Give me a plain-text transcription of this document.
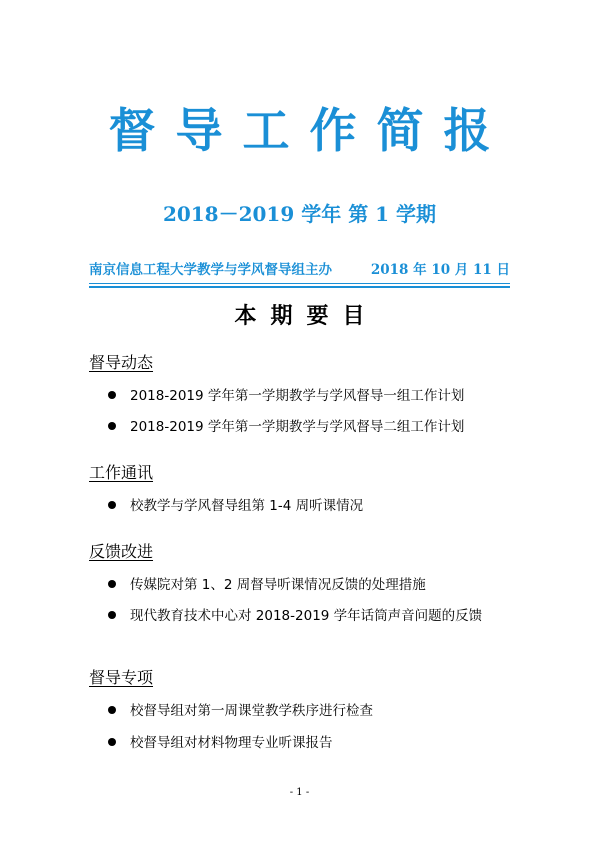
督导工作简报
2018－2019 学年 第 1 学期
南京信息工程大学教学与学风督导组主办	2018 年 10 月 11 日
本期要目
督导动态
2018-2019 学年第一学期教学与学风督导一组工作计划
2018-2019 学年第一学期教学与学风督导二组工作计划
工作通讯
校教学与学风督导组第 1-4 周听课情况
反馈改进
传媒院对第 1、2 周督导听课情况反馈的处理措施
现代教育技术中心对 2018-2019 学年话筒声音问题的反馈
督导专项
校督导组对第一周课堂教学秩序进行检查
校督导组对材料物理专业听课报告
- 1 -
